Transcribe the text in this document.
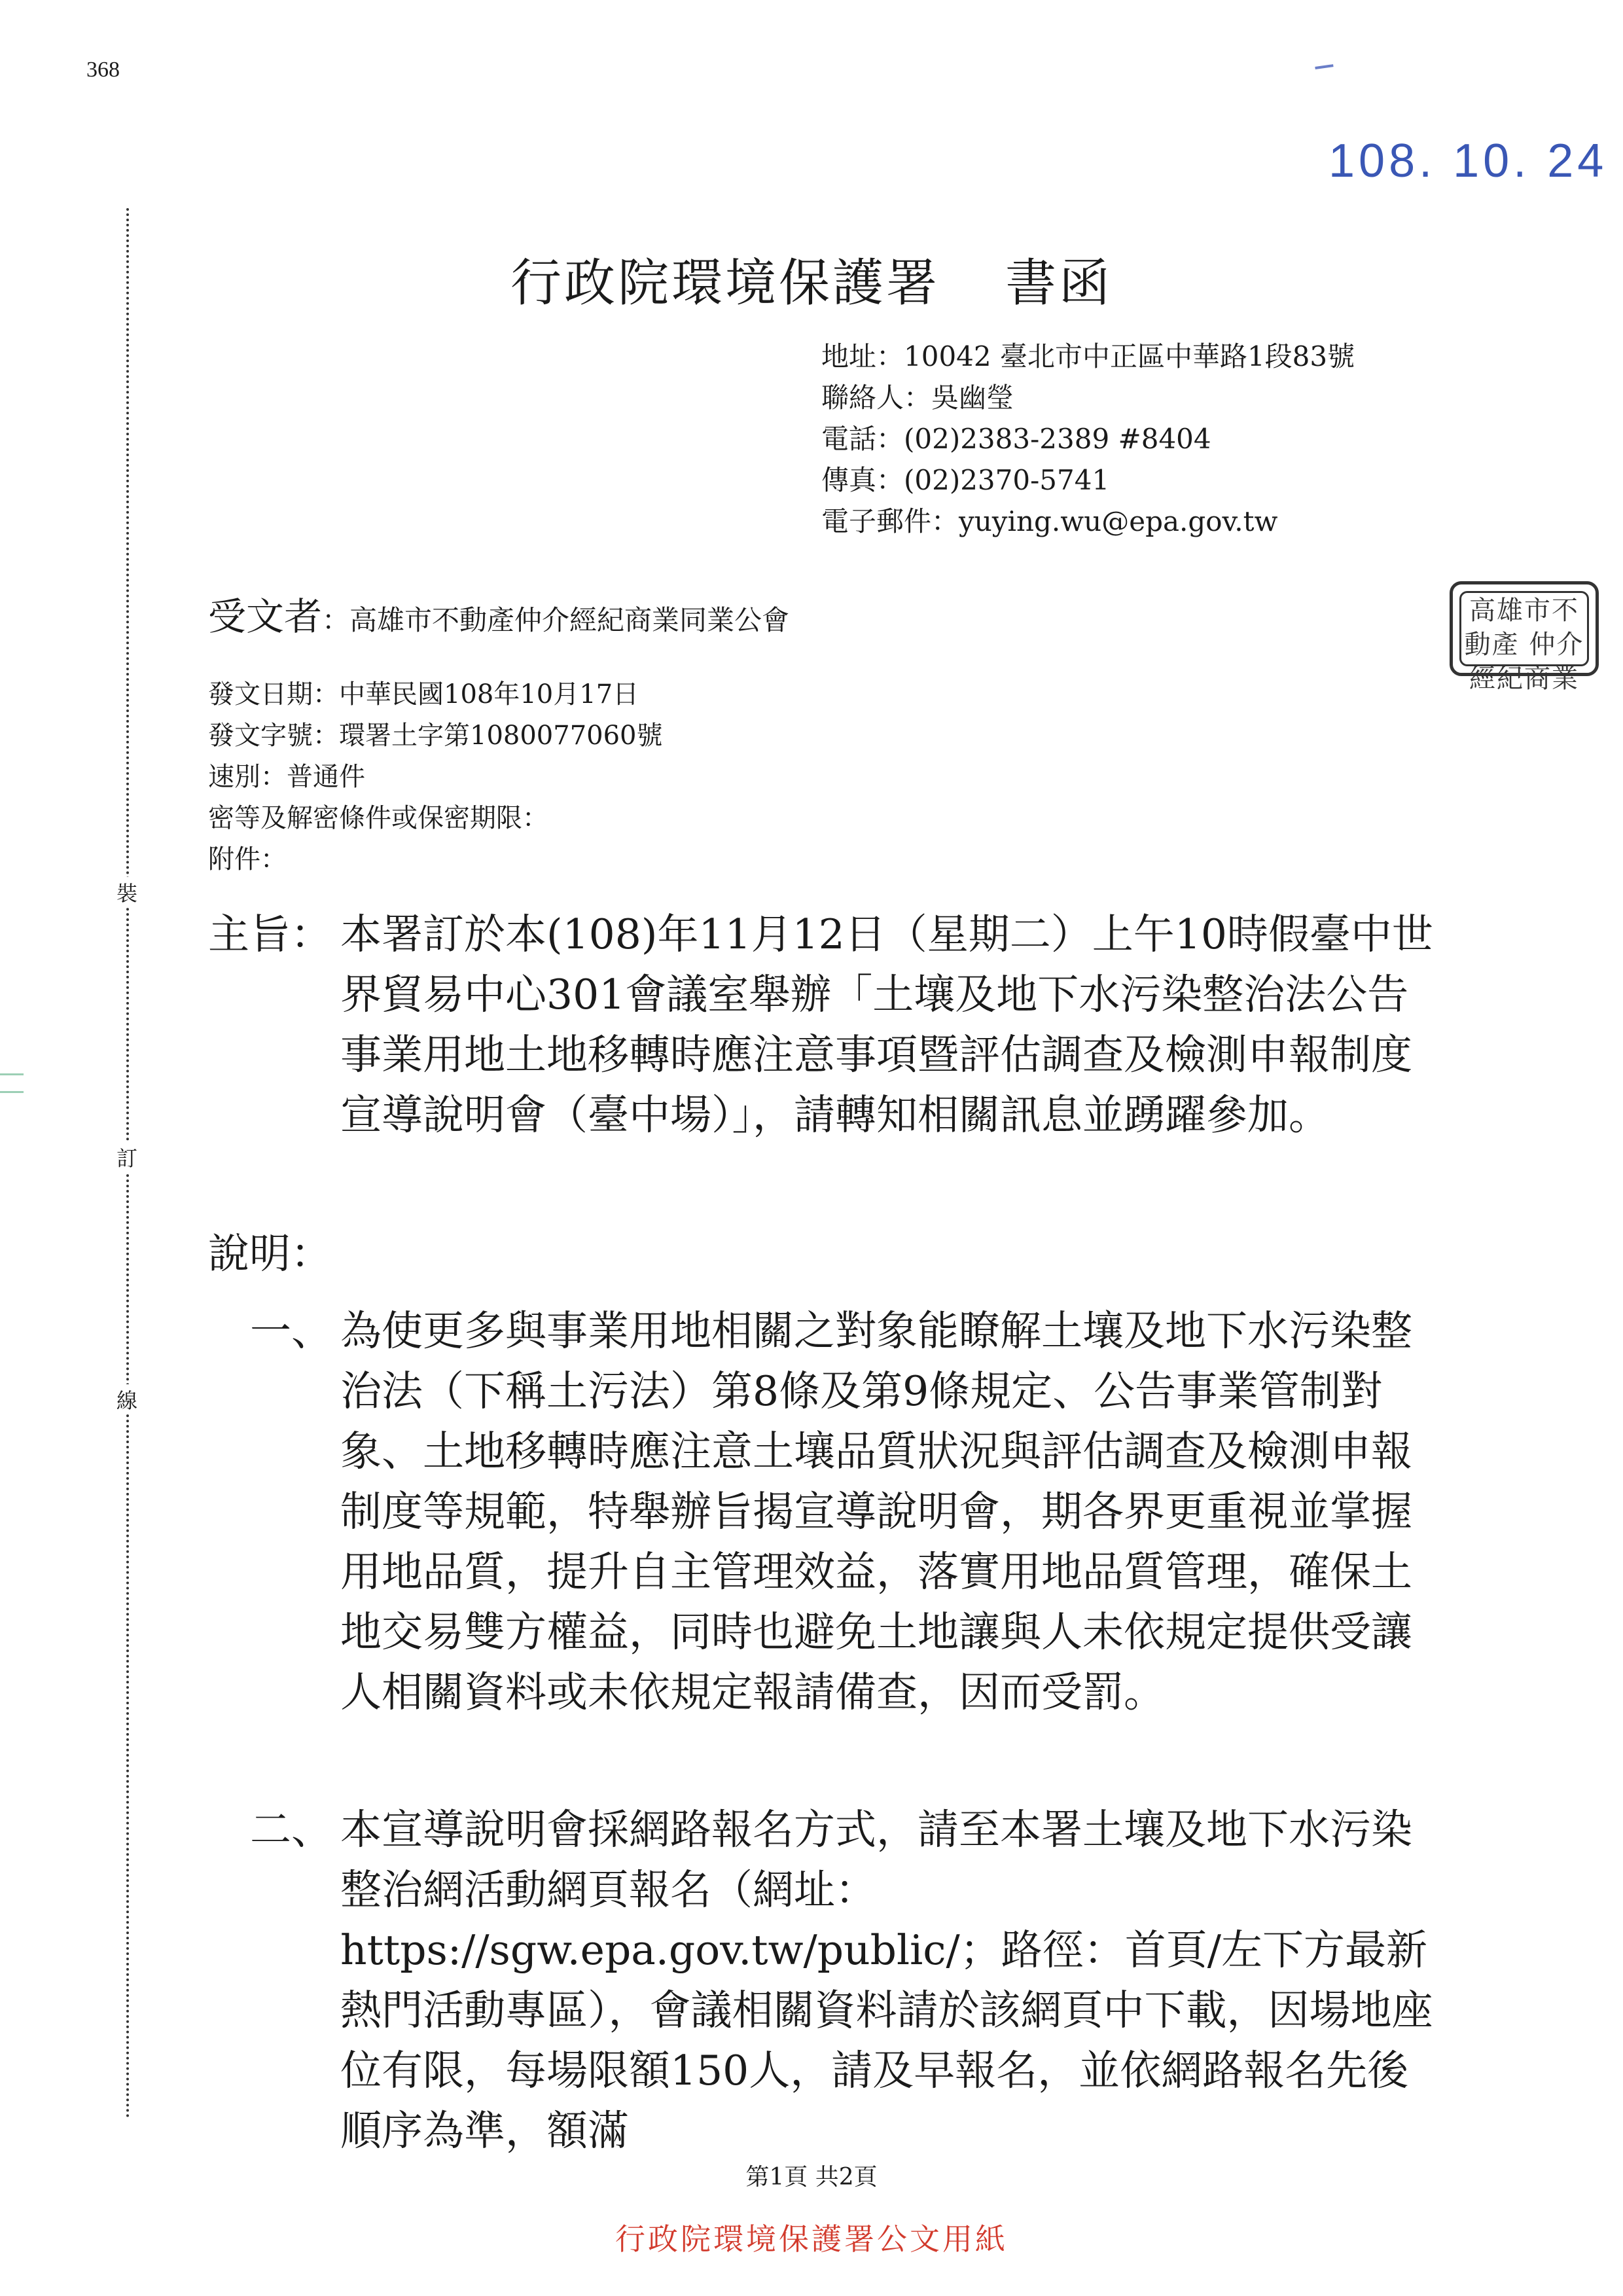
368
108. 10. 24
裝
訂
線
行政院環境保護署 書函
地址：10042 臺北市中正區中華路1段83號
聯絡人：吳幽瑩
電話：(02)2383-2389 #8404
傳真：(02)2370-5741
電子郵件：yuying.wu@epa.gov.tw
受文者：高雄市不動產仲介經紀商業同業公會	高雄市不動產 仲介經紀商業
發文日期：中華民國108年10月17日
發文字號：環署土字第1080077060號
速別：普通件
密等及解密條件或保密期限：
附件：
主旨： 本署訂於本(108)年11月12日（星期二）上午10時假臺中世界貿易中心301會議室舉辦「土壤及地下水污染整治法公告事業用地土地移轉時應注意事項暨評估調查及檢測申報制度宣導說明會（臺中場）」，請轉知相關訊息並踴躍參加。
說明：
一、 為使更多與事業用地相關之對象能瞭解土壤及地下水污染整治法（下稱土污法）第8條及第9條規定、公告事業管制對象、土地移轉時應注意土壤品質狀況與評估調查及檢測申報制度等規範，特舉辦旨揭宣導說明會，期各界更重視並掌握用地品質，提升自主管理效益，落實用地品質管理，確保土地交易雙方權益，同時也避免土地讓與人未依規定提供受讓人相關資料或未依規定報請備查，因而受罰。
二、 本宣導說明會採網路報名方式，請至本署土壤及地下水污染整治網活動網頁報名（網址：https://sgw.epa.gov.tw/public/；路徑：首頁/左下方最新熱門活動專區），會議相關資料請於該網頁中下載，因場地座位有限，每場限額150人，請及早報名，並依網路報名先後順序為準，額滿
第1頁 共2頁
行政院環境保護署公文用紙
